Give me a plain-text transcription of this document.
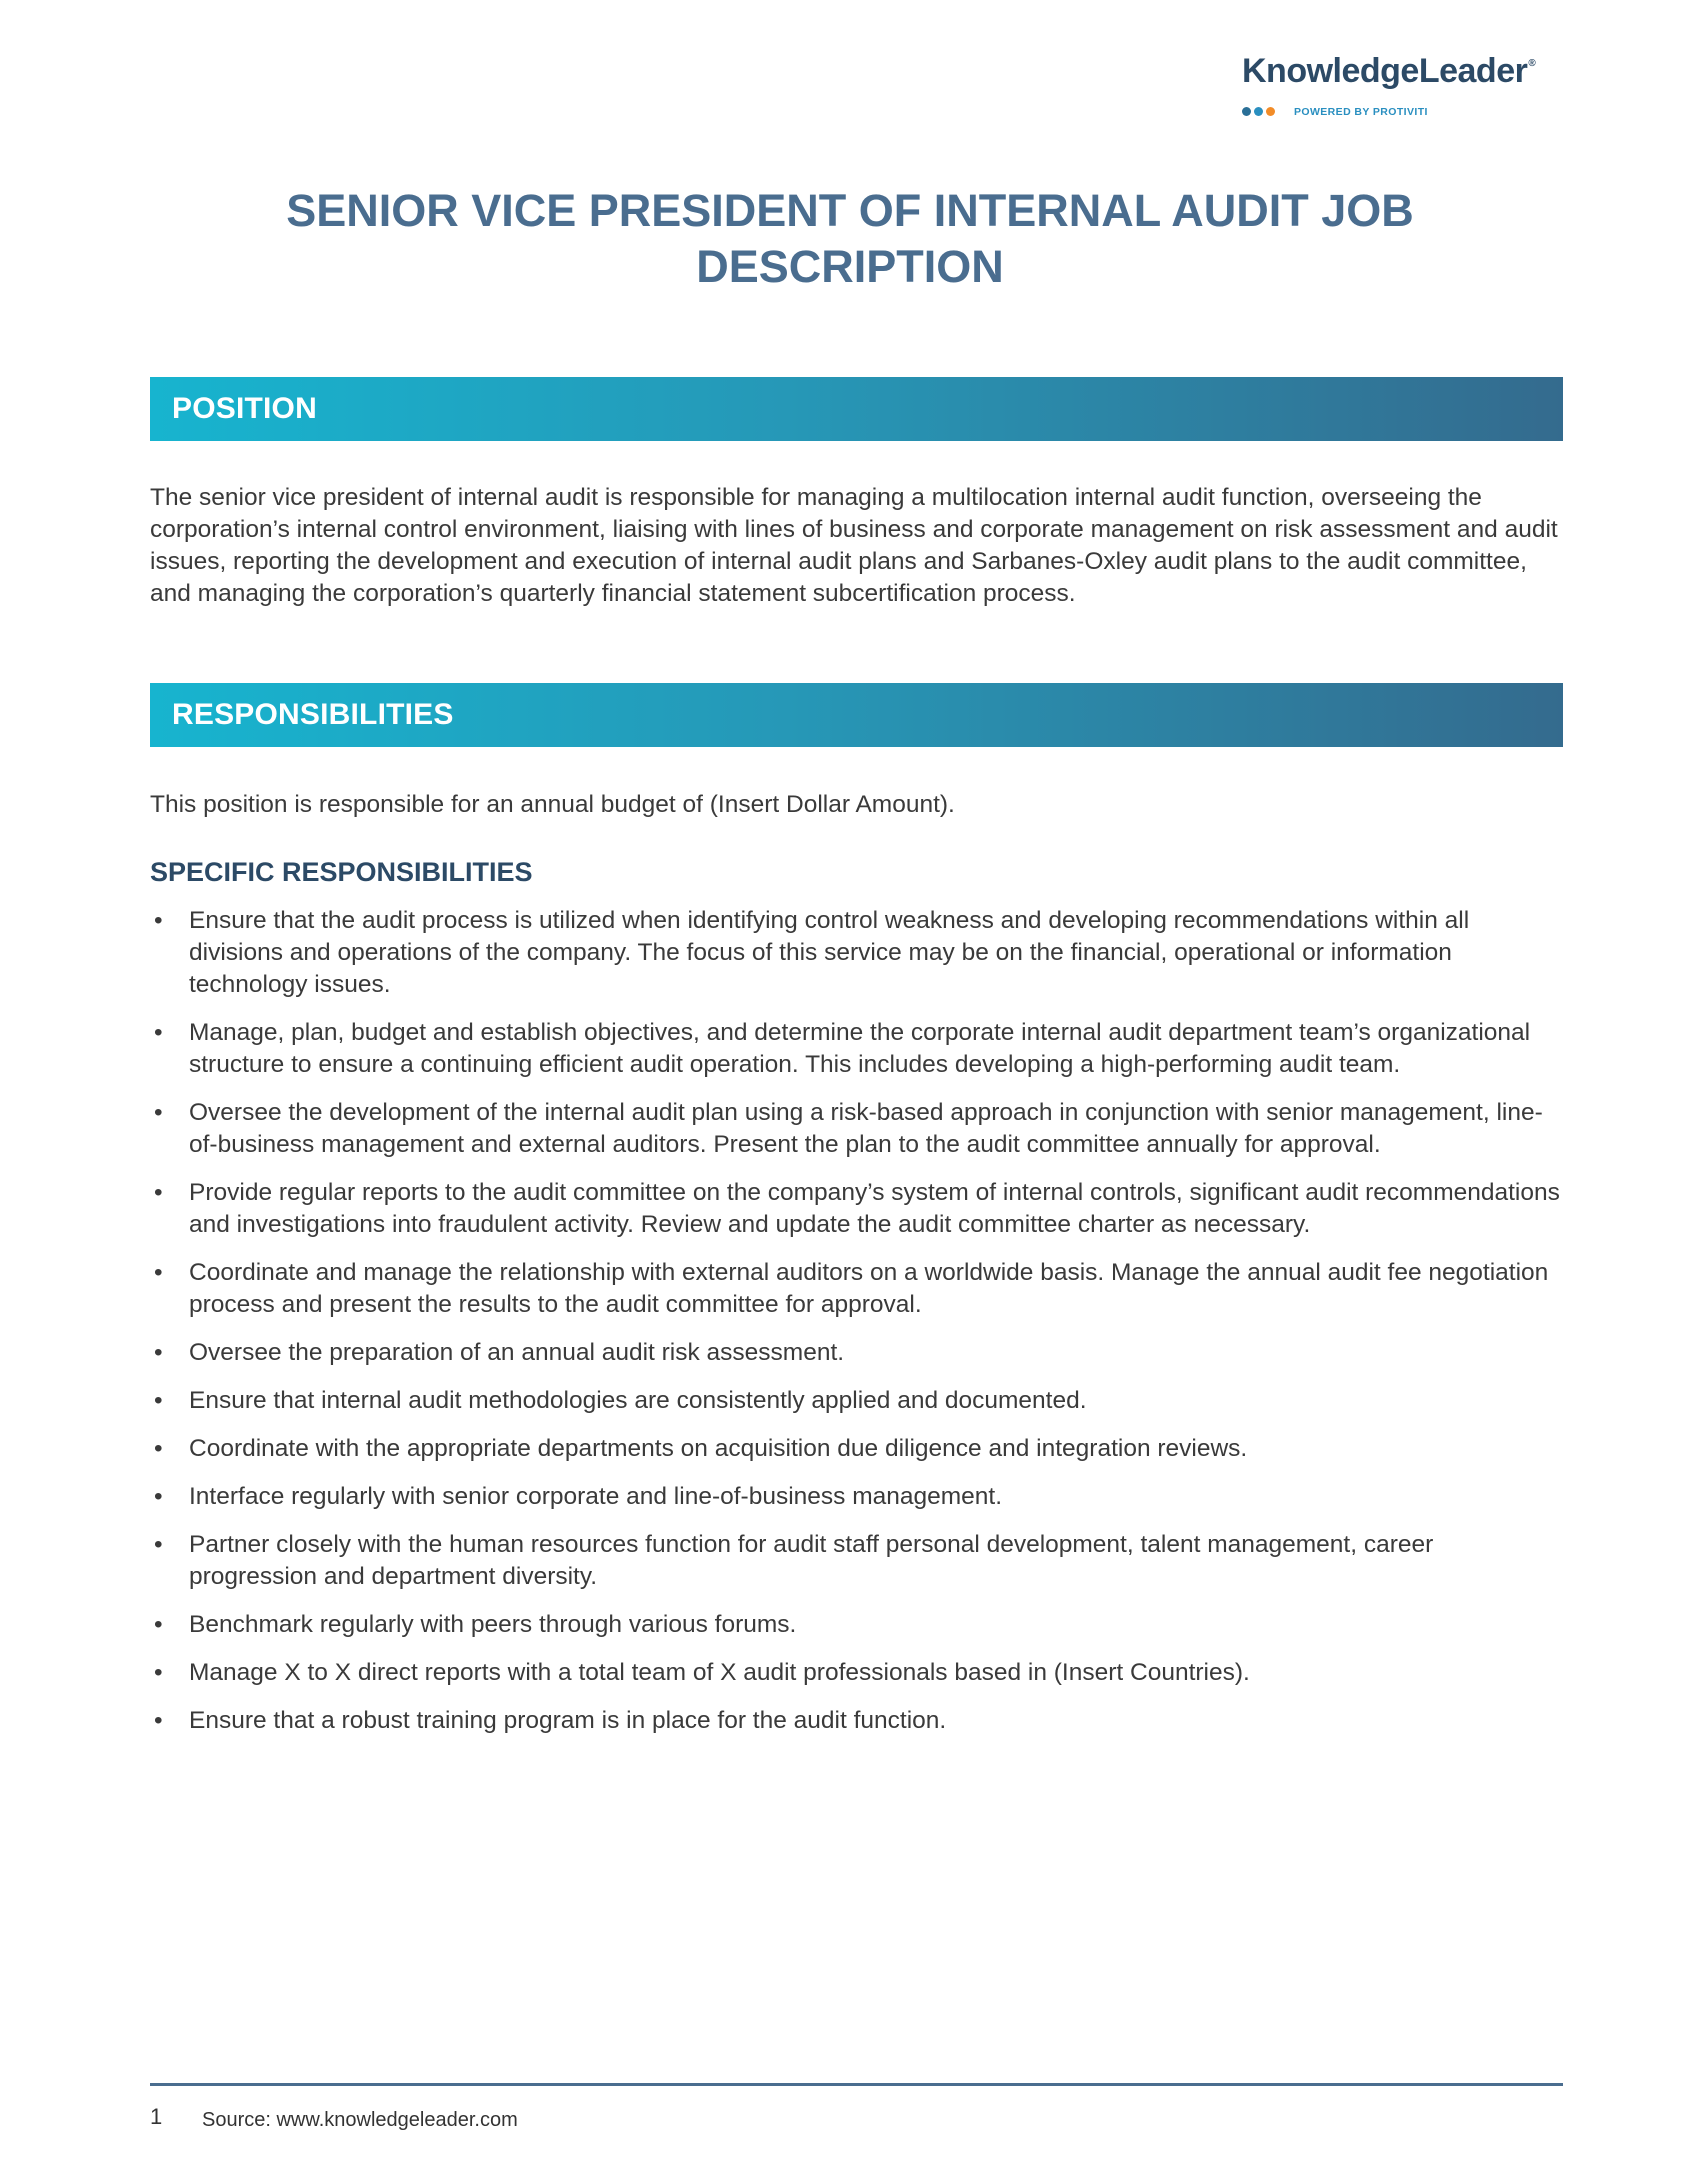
KnowledgeLeader®
POWERED BY PROTIVITI
SENIOR VICE PRESIDENT OF INTERNAL AUDIT JOB DESCRIPTION
POSITION

The senior vice president of internal audit is responsible for managing a multilocation internal audit function, overseeing the corporation’s internal control environment, liaising with lines of business and corporate management on risk assessment and audit issues, reporting the development and execution of internal audit plans and Sarbanes-Oxley audit plans to the audit committee, and managing the corporation’s quarterly financial statement subcertification process.

RESPONSIBILITIES

This position is responsible for an annual budget of (Insert Dollar Amount).

SPECIFIC RESPONSIBILITIES
• Ensure that the audit process is utilized when identifying control weakness and developing recommendations within all divisions and operations of the company. The focus of this service may be on the financial, operational or information technology issues.
• Manage, plan, budget and establish objectives, and determine the corporate internal audit department team’s organizational structure to ensure a continuing efficient audit operation. This includes developing a high-performing audit team.
• Oversee the development of the internal audit plan using a risk-based approach in conjunction with senior management, line-of-business management and external auditors. Present the plan to the audit committee annually for approval.
• Provide regular reports to the audit committee on the company’s system of internal controls, significant audit recommendations and investigations into fraudulent activity. Review and update the audit committee charter as necessary.
• Coordinate and manage the relationship with external auditors on a worldwide basis. Manage the annual audit fee negotiation process and present the results to the audit committee for approval.
• Oversee the preparation of an annual audit risk assessment.
• Ensure that internal audit methodologies are consistently applied and documented.
• Coordinate with the appropriate departments on acquisition due diligence and integration reviews.
• Interface regularly with senior corporate and line-of-business management.
• Partner closely with the human resources function for audit staff personal development, talent management, career progression and department diversity.
• Benchmark regularly with peers through various forums.
• Manage X to X direct reports with a total team of X audit professionals based in (Insert Countries).
• Ensure that a robust training program is in place for the audit function.
1 Source: www.knowledgeleader.com
